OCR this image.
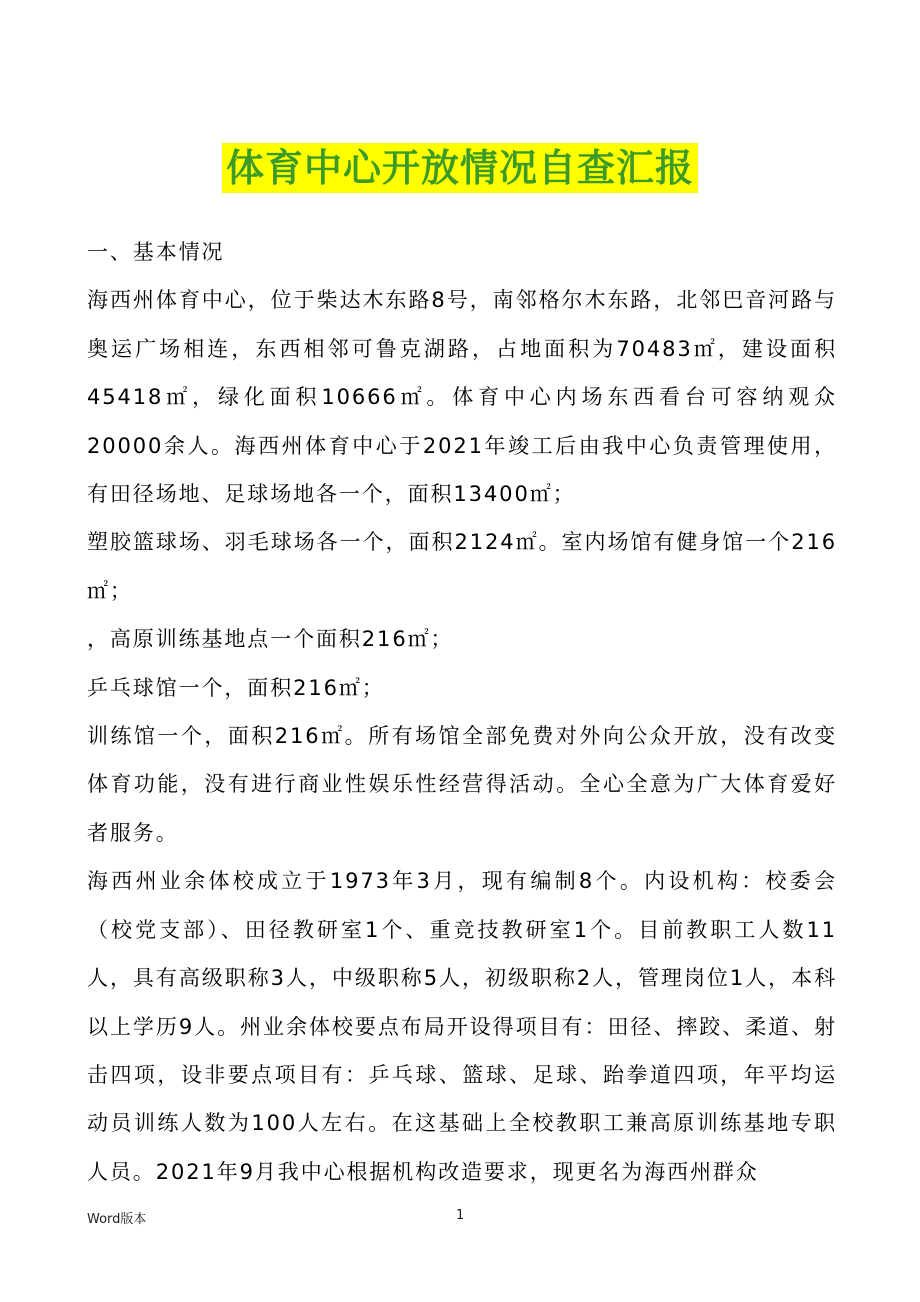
体育中心开放情况自查汇报

一、基本情况

海西州体育中心，位于柴达木东路8号，南邻格尔木东路，北邻巴音河路与奥运广场相连，东西相邻可鲁克湖路，占地面积为70483㎡，建设面积45418㎡，绿化面积10666㎡。体育中心内场东西看台可容纳观众20000余人。海西州体育中心于2021年竣工后由我中心负责管理使用，有田径场地、足球场地各一个，面积13400㎡；

塑胶篮球场、羽毛球场各一个，面积2124㎡。室内场馆有健身馆一个216㎡；

，高原训练基地点一个面积216㎡；

乒乓球馆一个，面积216㎡；

训练馆一个，面积216㎡。所有场馆全部免费对外向公众开放，没有改变体育功能，没有进行商业性娱乐性经营得活动。全心全意为广大体育爱好者服务。

海西州业余体校成立于1973年3月，现有编制8个。内设机构：校委会（校党支部）、田径教研室1个、重竞技教研室1个。目前教职工人数11人，具有高级职称3人，中级职称5人，初级职称2人，管理岗位1人，本科以上学历9人。州业余体校要点布局开设得项目有：田径、摔跤、柔道、射击四项，设非要点项目有：乒乓球、篮球、足球、跆拳道四项，年平均运动员训练人数为100人左右。在这基础上全校教职工兼高原训练基地专职人员。2021年9月我中心根据机构改造要求，现更名为海西州群众

Word版本	1
